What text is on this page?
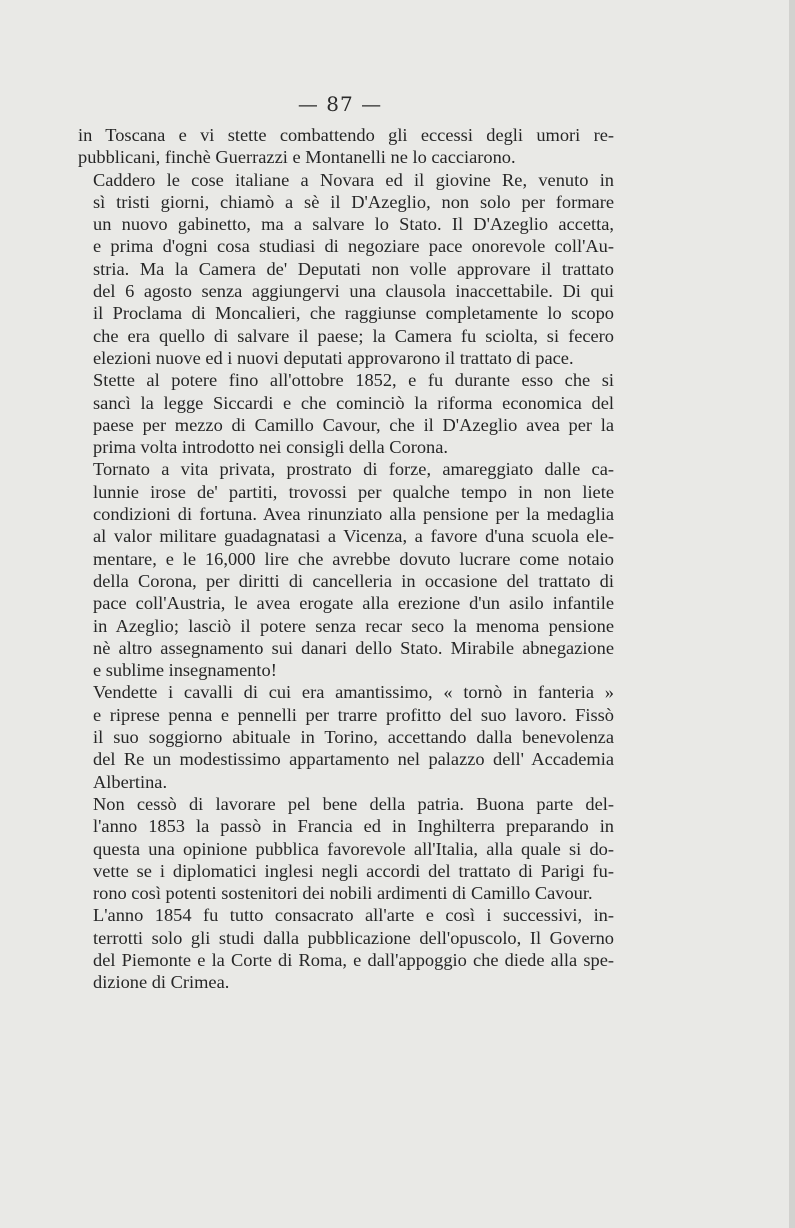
— 87 —

in Toscana e vi stette combattendo gli eccessi degli umori re-
pubblicani, finchè Guerrazzi e Montanelli ne lo cacciarono.

Caddero le cose italiane a Novara ed il giovine Re, venuto in
sì tristi giorni, chiamò a sè il D'Azeglio, non solo per formare
un nuovo gabinetto, ma a salvare lo Stato. Il D'Azeglio accetta,
e prima d'ogni cosa studiasi di negoziare pace onorevole coll'Au-
stria. Ma la Camera de' Deputati non volle approvare il trattato
del 6 agosto senza aggiungervi una clausola inaccettabile. Di qui
il Proclama di Moncalieri, che raggiunse completamente lo scopo
che era quello di salvare il paese; la Camera fu sciolta, si fecero
elezioni nuove ed i nuovi deputati approvarono il trattato di pace.

Stette al potere fino all'ottobre 1852, e fu durante esso che si
sancì la legge Siccardi e che cominciò la riforma economica del
paese per mezzo di Camillo Cavour, che il D'Azeglio avea per la
prima volta introdotto nei consigli della Corona.

Tornato a vita privata, prostrato di forze, amareggiato dalle ca-
lunnie irose de' partiti, trovossi per qualche tempo in non liete
condizioni di fortuna. Avea rinunziato alla pensione per la medaglia
al valor militare guadagnatasi a Vicenza, a favore d'una scuola ele-
mentare, e le 16,000 lire che avrebbe dovuto lucrare come notaio
della Corona, per diritti di cancelleria in occasione del trattato di
pace coll'Austria, le avea erogate alla erezione d'un asilo infantile
in Azeglio; lasciò il potere senza recar seco la menoma pensione
nè altro assegnamento sui danari dello Stato. Mirabile abnegazione
e sublime insegnamento!

Vendette i cavalli di cui era amantissimo, « tornò in fanteria »
e riprese penna e pennelli per trarre profitto del suo lavoro. Fissò
il suo soggiorno abituale in Torino, accettando dalla benevolenza
del Re un modestissimo appartamento nel palazzo dell' Accademia
Albertina.

Non cessò di lavorare pel bene della patria. Buona parte del-
l'anno 1853 la passò in Francia ed in Inghilterra preparando in
questa una opinione pubblica favorevole all'Italia, alla quale si do-
vette se i diplomatici inglesi negli accordi del trattato di Parigi fu-
rono così potenti sostenitori dei nobili ardimenti di Camillo Cavour.

L'anno 1854 fu tutto consacrato all'arte e così i successivi, in-
terrotti solo gli studi dalla pubblicazione dell'opuscolo, Il Governo
del Piemonte e la Corte di Roma, e dall'appoggio che diede alla spe-
dizione di Crimea.
